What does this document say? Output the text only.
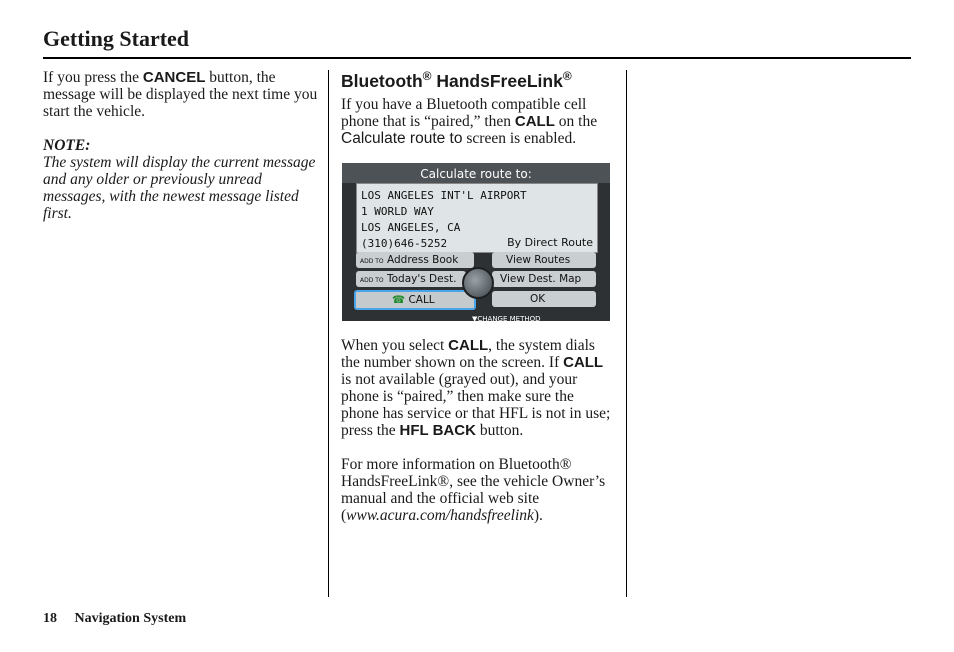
Getting Started

If you press the CANCEL button, the message will be displayed the next time you start the vehicle.

NOTE:

The system will display the current message and any older or previously unread messages, with the newest message listed first.

Bluetooth® HandsFreeLink®

If you have a Bluetooth compatible cell phone that is “paired,” then CALL on the Calculate route to screen is enabled.

Calculate route to:
LOS ANGELES INT'L AIRPORT
1 WORLD WAY
LOS ANGELES, CA
(310)646-5252	By Direct Route
ADD TO Address Book
ADD TO Today's Dest.
☎ CALL
View Routes
View Dest. Map
OK
▼CHANGE METHOD

When you select CALL, the system dials the number shown on the screen. If CALL is not available (grayed out), and your phone is “paired,” then make sure the phone has service or that HFL is not in use; press the HFL BACK button.

For more information on Bluetooth® HandsFreeLink®, see the vehicle Owner’s manual and the official web site (www.acura.com/handsfreelink).

18 Navigation System
